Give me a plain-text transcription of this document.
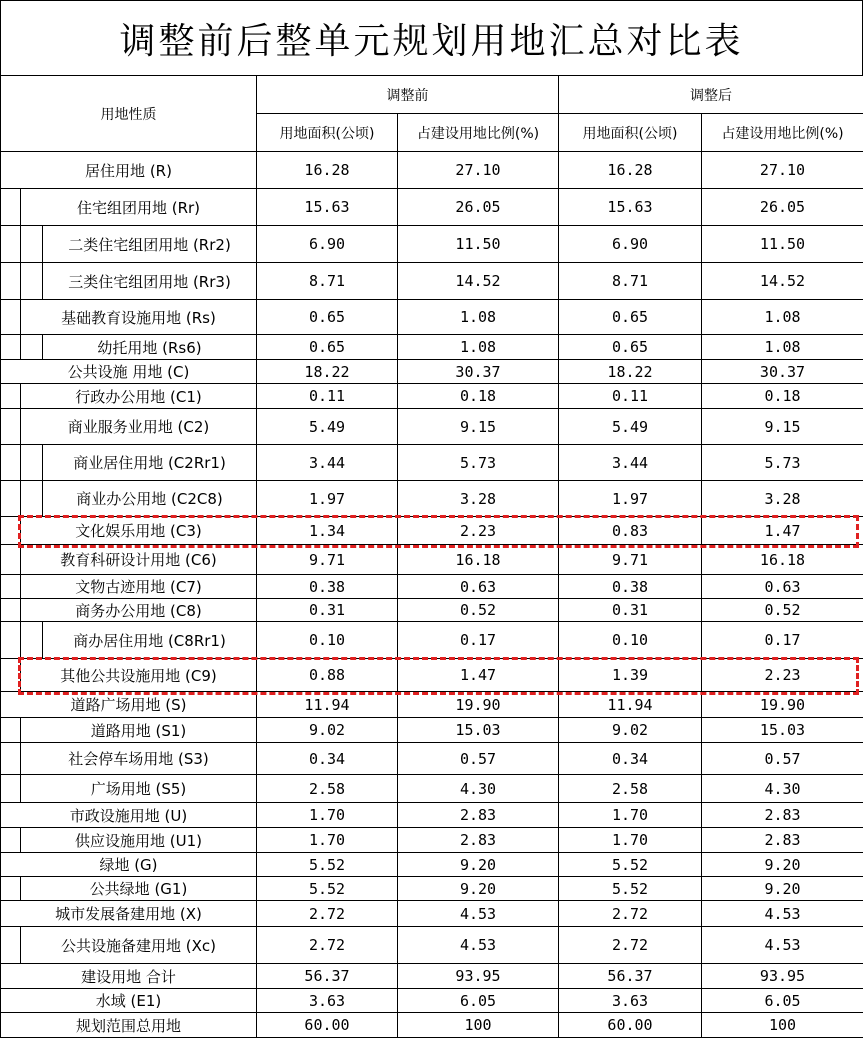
调整前后整单元规划用地汇总对比表
用地性质	调整前		调整后	
	用地面积(公顷)	占建设用地比例(%)	用地面积(公顷)	占建设用地比例(%)

居住用地 (R)	16.28	27.10	16.28	27.10

住宅组团用地 (Rr)	15.63	26.05	15.63	26.05

二类住宅组团用地 (Rr2)	6.90	11.50	6.90	11.50

三类住宅组团用地 (Rr3)	8.71	14.52	8.71	14.52

基础教育设施用地 (Rs)	0.65	1.08	0.65	1.08

幼托用地 (Rs6)	0.65	1.08	0.65	1.08

公共设施 用地 (C)	18.22	30.37	18.22	30.37

行政办公用地 (C1)	0.11	0.18	0.11	0.18

商业服务业用地 (C2)	5.49	9.15	5.49	9.15

商业居住用地 (C2Rr1)	3.44	5.73	3.44	5.73

商业办公用地 (C2C8)	1.97	3.28	1.97	3.28

文化娱乐用地 (C3)	1.34	2.23	0.83	1.47

教育科研设计用地 (C6)	9.71	16.18	9.71	16.18

文物古迹用地 (C7)	0.38	0.63	0.38	0.63

商务办公用地 (C8)	0.31	0.52	0.31	0.52

商办居住用地 (C8Rr1)	0.10	0.17	0.10	0.17

其他公共设施用地 (C9)	0.88	1.47	1.39	2.23

道路广场用地 (S)	11.94	19.90	11.94	19.90

道路用地 (S1)	9.02	15.03	9.02	15.03

社会停车场用地 (S3)	0.34	0.57	0.34	0.57

广场用地 (S5)	2.58	4.30	2.58	4.30

市政设施用地 (U)	1.70	2.83	1.70	2.83

供应设施用地 (U1)	1.70	2.83	1.70	2.83

绿地 (G)	5.52	9.20	5.52	9.20

公共绿地 (G1)	5.52	9.20	5.52	9.20

城市发展备建用地 (X)	2.72	4.53	2.72	4.53

公共设施备建用地 (Xc)	2.72	4.53	2.72	4.53

建设用地 合计	56.37	93.95	56.37	93.95

水域 (E1)	3.63	6.05	3.63	6.05

规划范围总用地	60.00	100	60.00	100
